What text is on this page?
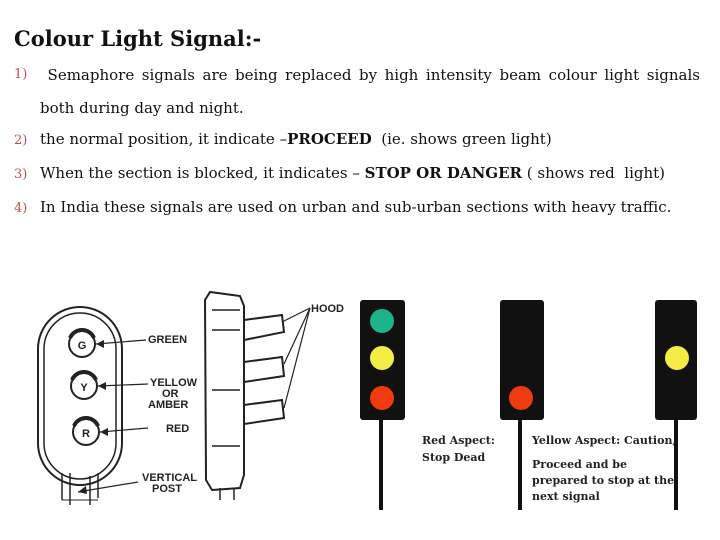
Colour Light Signal:-
1)	Semaphore signals are being replaced by high intensity beam colour light signals
both during day and night.
2) the normal position, it indicate –PROCEED  (ie. shows green light)
3) When the section is blocked, it indicates – STOP OR DANGER ( shows red  light)
4) In India these signals are used on urban and sub-urban sections with heavy traffic.
G
Y
R
GREEN
YELLOW
OR
AMBER
RED
VERTICAL
POST
HOOD
Red Aspect:
Stop Dead
Yellow Aspect: Caution,
Proceed and be
prepared to stop at the
next signal
